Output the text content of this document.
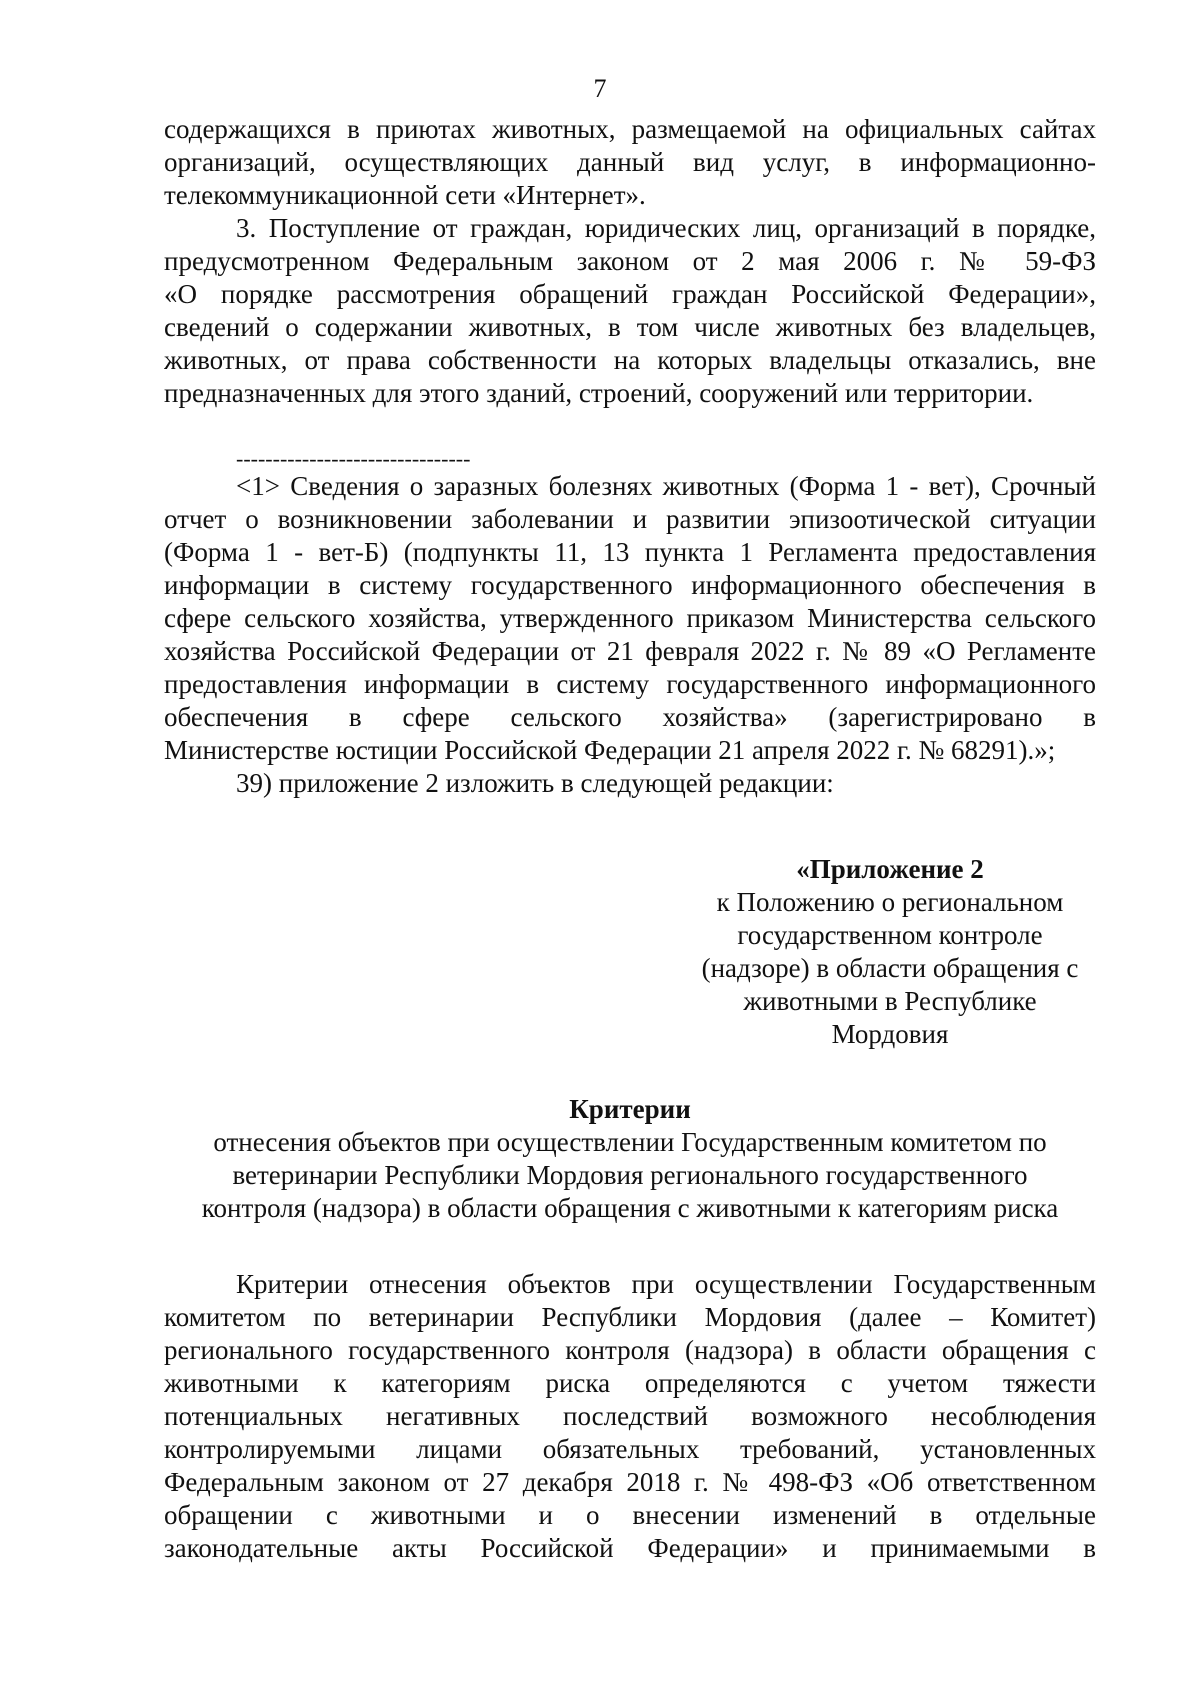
7
содержащихся в приютах животных, размещаемой на официальных сайтах
организаций, осуществляющих данный вид услуг, в информационно-
телекоммуникационной сети «Интернет».
3. Поступление от граждан, юридических лиц, организаций в порядке,
предусмотренном Федеральным законом от 2 мая 2006 г. № 59-ФЗ
«О порядке рассмотрения обращений граждан Российской Федерации»,
сведений о содержании животных, в том числе животных без владельцев,
животных, от права собственности на которых владельцы отказались, вне
предназначенных для этого зданий, строений, сооружений или территории.
--------------------------------
<1> Сведения о заразных болезнях животных (Форма 1 - вет), Срочный
отчет о возникновении заболевании и развитии эпизоотической ситуации
(Форма 1 - вет-Б) (подпункты 11, 13 пункта 1 Регламента предоставления
информации в систему государственного информационного обеспечения в
сфере сельского хозяйства, утвержденного приказом Министерства сельского
хозяйства Российской Федерации от 21 февраля 2022 г. № 89 «О Регламенте
предоставления информации в систему государственного информационного
обеспечения в сфере сельского хозяйства» (зарегистрировано в
Министерстве юстиции Российской Федерации 21 апреля 2022 г. № 68291).»;
39) приложение 2 изложить в следующей редакции:
«Приложение 2
к Положению о региональном
государственном контроле
(надзоре) в области обращения с
животными в Республике
Мордовия
Критерии
отнесения объектов при осуществлении Государственным комитетом по
ветеринарии Республики Мордовия регионального государственного
контроля (надзора) в области обращения с животными к категориям риска
Критерии отнесения объектов при осуществлении Государственным
комитетом по ветеринарии Республики Мордовия (далее – Комитет)
регионального государственного контроля (надзора) в области обращения с
животными к категориям риска определяются с учетом тяжести
потенциальных негативных последствий возможного несоблюдения
контролируемыми лицами обязательных требований, установленных
Федеральным законом от 27 декабря 2018 г. № 498-ФЗ «Об ответственном
обращении с животными и о внесении изменений в отдельные
законодательные акты Российской Федерации» и принимаемыми в
